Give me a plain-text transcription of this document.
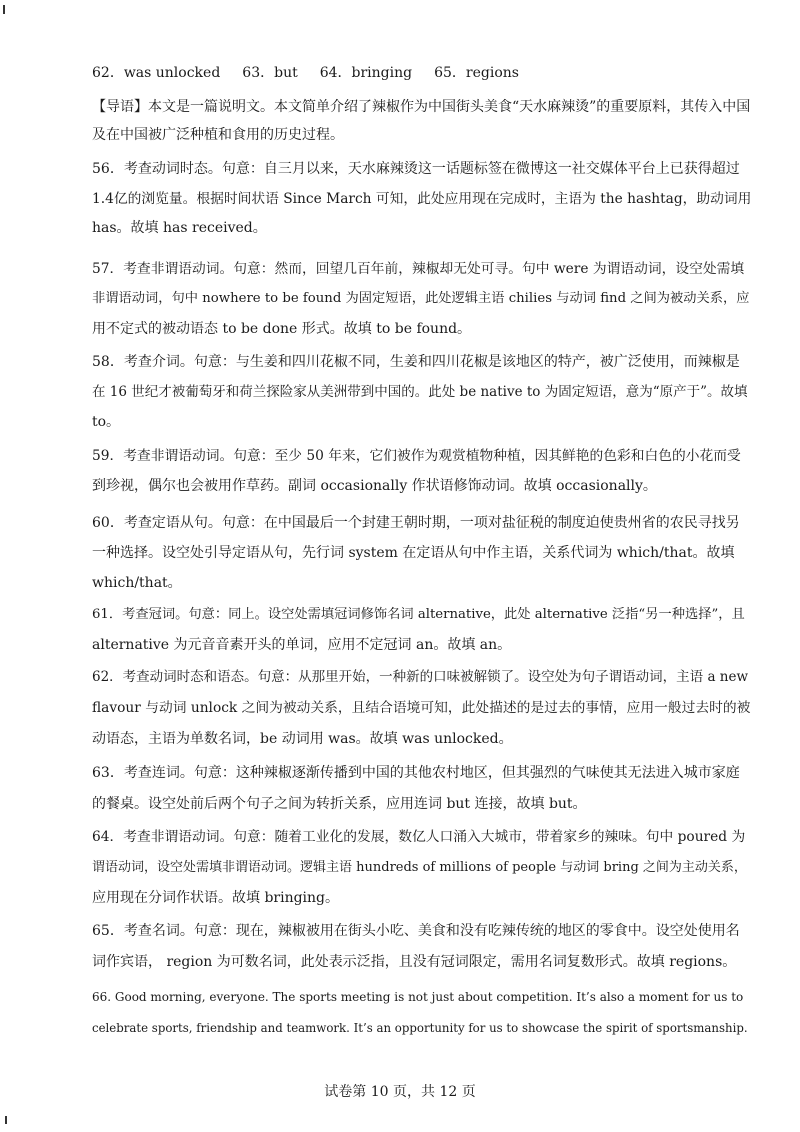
62．was unlocked 63．but 64．bringing 65．regions
【导语】本文是一篇说明文。本文简单介绍了辣椒作为中国街头美食“天水麻辣烫”的重要原料，其传入中国
及在中国被广泛种植和食用的历史过程。
56．考查动词时态。句意：自三月以来，天水麻辣烫这一话题标签在微博这一社交媒体平台上已获得超过
1.4亿的浏览量。根据时间状语 Since March 可知，此处应用现在完成时，主语为 the hashtag，助动词用
has。故填 has received。
57．考查非谓语动词。句意：然而，回望几百年前，辣椒却无处可寻。句中 were 为谓语动词，设空处需填
非谓语动词，句中 nowhere to be found 为固定短语，此处逻辑主语 chilies 与动词 find 之间为被动关系，应
用不定式的被动语态 to be done 形式。故填 to be found。
58．考查介词。句意：与生姜和四川花椒不同，生姜和四川花椒是该地区的特产，被广泛使用，而辣椒是
在 16 世纪才被葡萄牙和荷兰探险家从美洲带到中国的。此处 be native to 为固定短语，意为“原产于”。故填
to。
59．考查非谓语动词。句意：至少 50 年来，它们被作为观赏植物种植，因其鲜艳的色彩和白色的小花而受
到珍视，偶尔也会被用作草药。副词 occasionally 作状语修饰动词。故填 occasionally。
60．考查定语从句。句意：在中国最后一个封建王朝时期，一项对盐征税的制度迫使贵州省的农民寻找另
一种选择。设空处引导定语从句，先行词 system 在定语从句中作主语，关系代词为 which/that。故填
which/that。
61．考查冠词。句意：同上。设空处需填冠词修饰名词 alternative，此处 alternative 泛指“另一种选择”，且
alternative 为元音音素开头的单词，应用不定冠词 an。故填 an。
62．考查动词时态和语态。句意：从那里开始，一种新的口味被解锁了。设空处为句子谓语动词，主语 a new
flavour 与动词 unlock 之间为被动关系，且结合语境可知，此处描述的是过去的事情，应用一般过去时的被
动语态，主语为单数名词，be 动词用 was。故填 was unlocked。
63．考查连词。句意：这种辣椒逐渐传播到中国的其他农村地区，但其强烈的气味使其无法进入城市家庭
的餐桌。设空处前后两个句子之间为转折关系，应用连词 but 连接，故填 but。
64．考查非谓语动词。句意：随着工业化的发展，数亿人口涌入大城市，带着家乡的辣味。句中 poured 为
谓语动词，设空处需填非谓语动词。逻辑主语 hundreds of millions of people 与动词 bring 之间为主动关系，
应用现在分词作状语。故填 bringing。
65．考查名词。句意：现在，辣椒被用在街头小吃、美食和没有吃辣传统的地区的零食中。设空处使用名
词作宾语， region 为可数名词，此处表示泛指，且没有冠词限定，需用名词复数形式。故填 regions。
66. Good morning, everyone. The sports meeting is not just about competition. It’s also a moment for us to
celebrate sports, friendship and teamwork. It’s an opportunity for us to showcase the spirit of sportsmanship.
试卷第 10 页，共 12 页
